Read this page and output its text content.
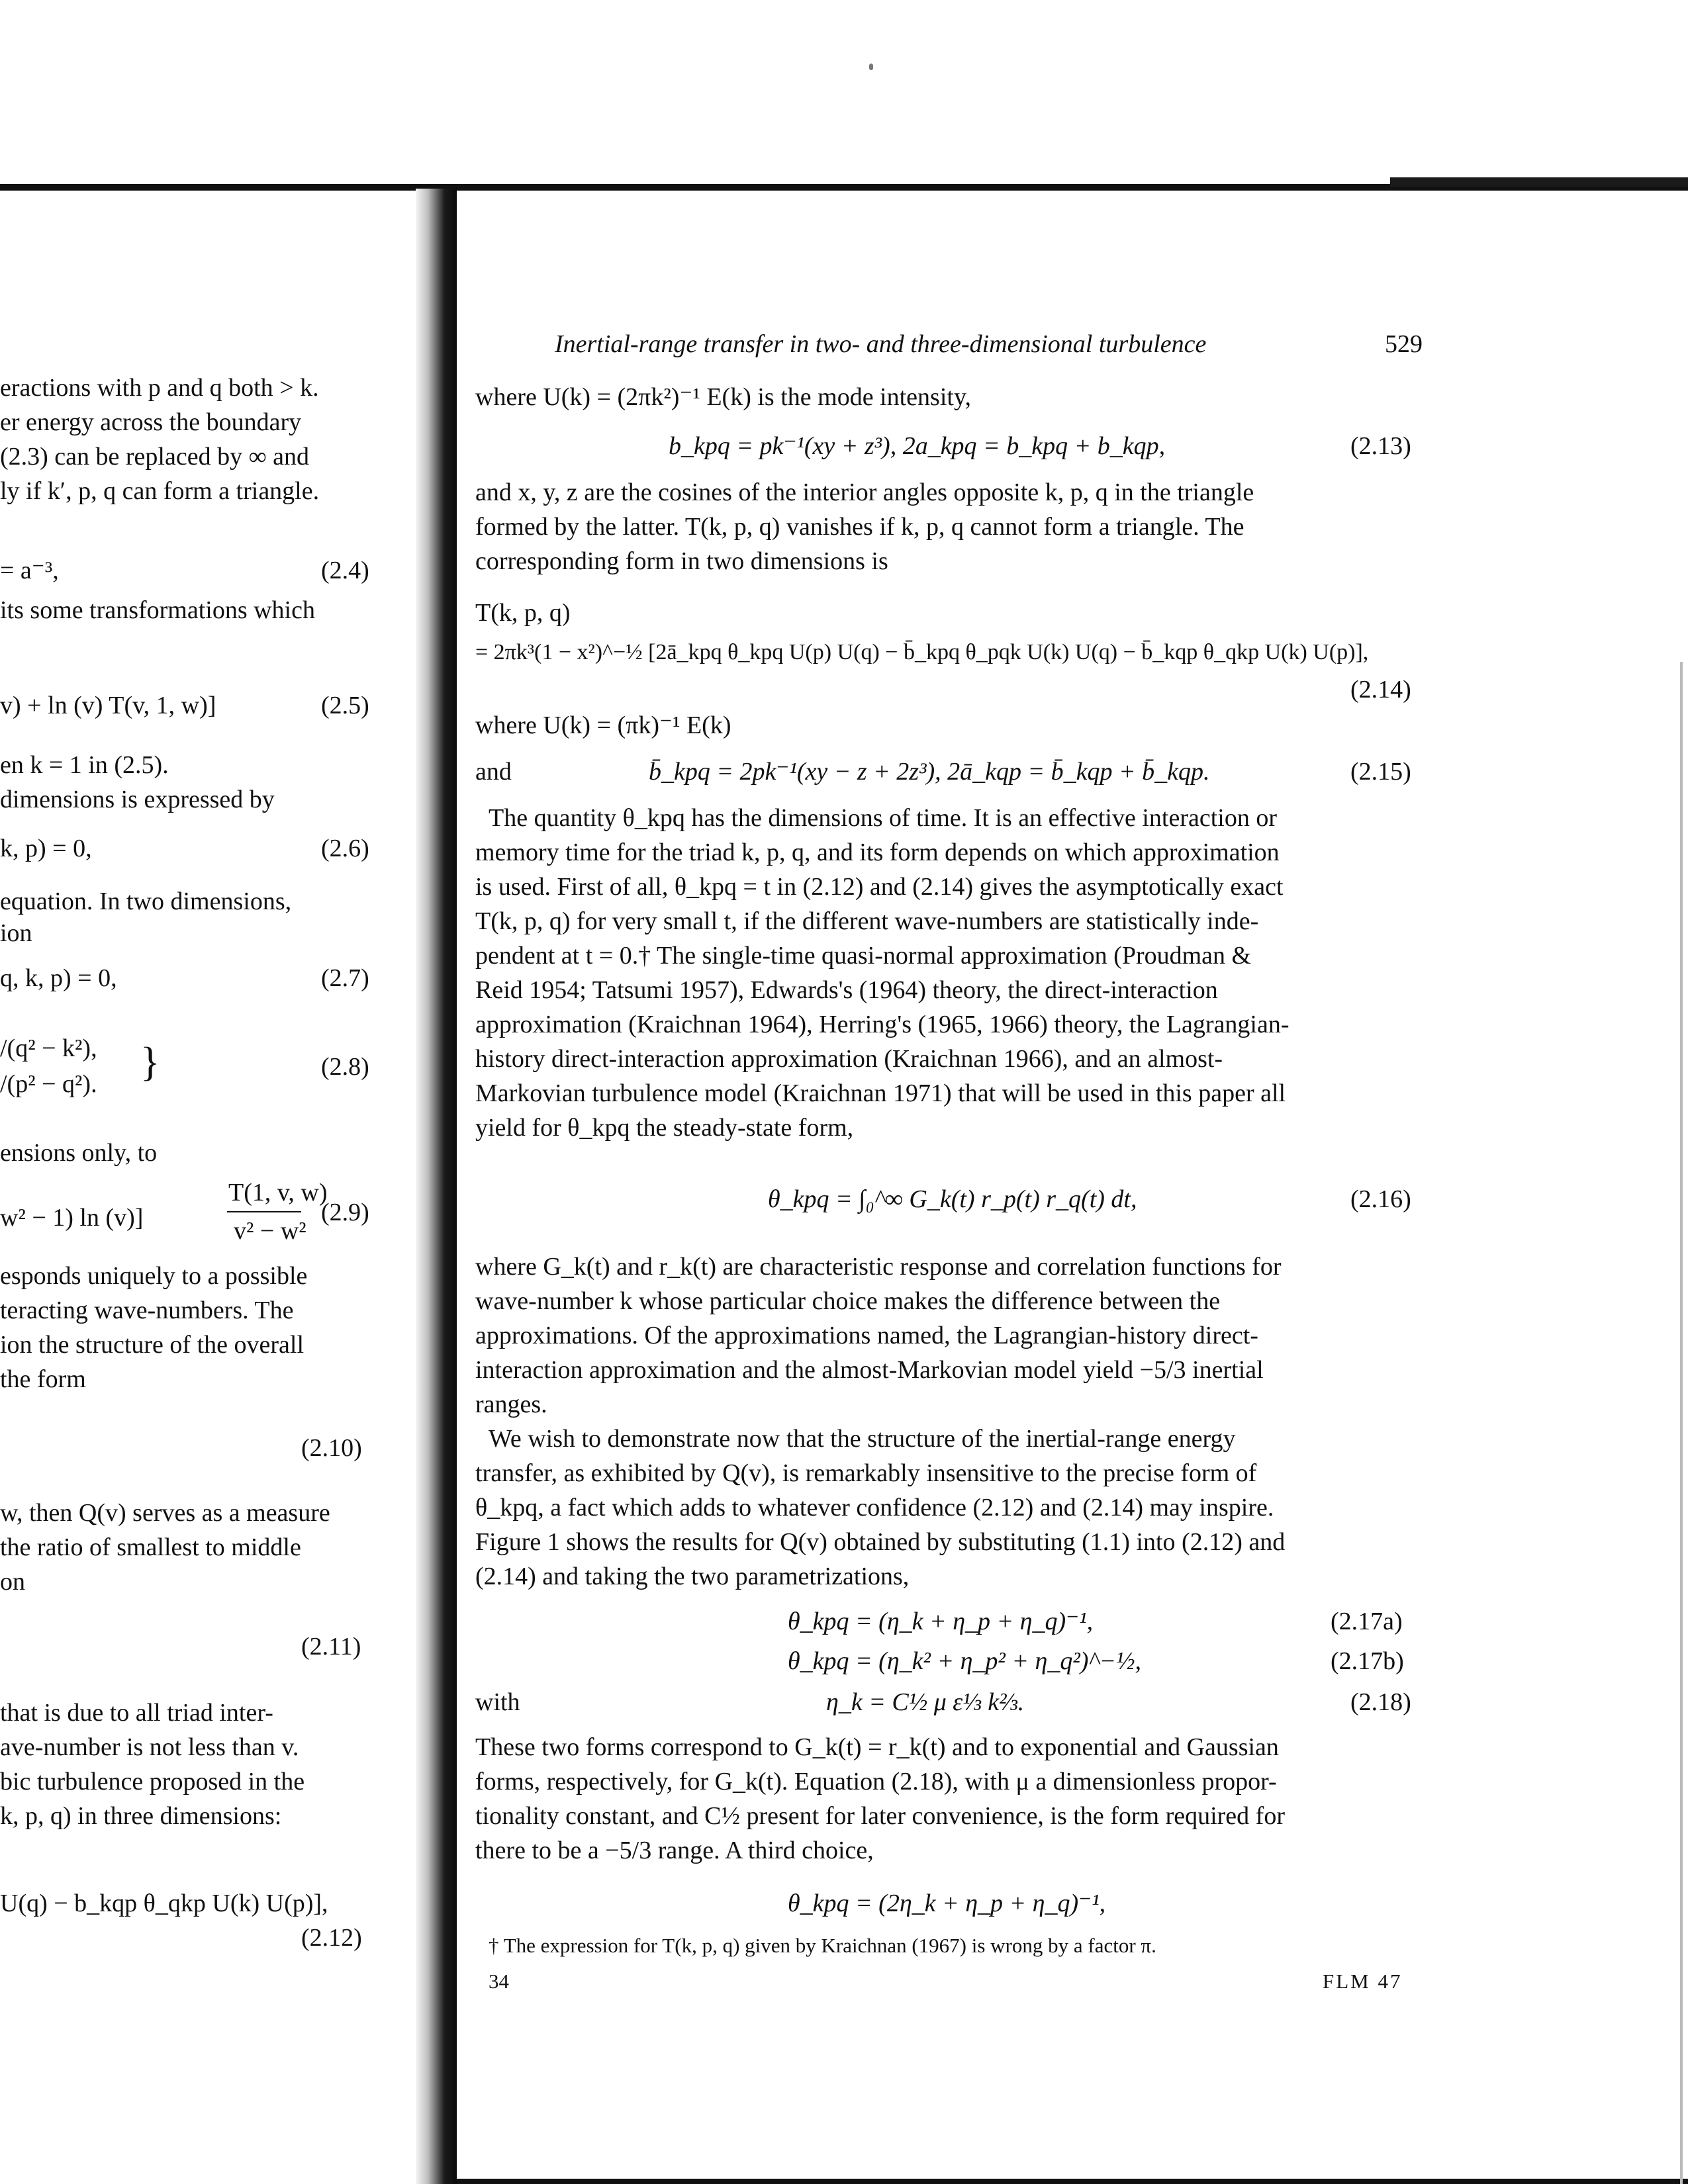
eractions with p and q both > k.
er energy across the boundary
(2.3) can be replaced by ∞ and
ly if k′, p, q can form a triangle.
= a⁻³,	(2.4)
its some transformations which
v) + ln (v) T(v, 1, w)]	(2.5)
en k = 1 in (2.5).
dimensions is expressed by
k, p) = 0,	(2.6)
equation. In two dimensions,
ion
q, k, p) = 0,	(2.7)
/(q² − k²),
/(p² − q²). }	(2.8)
ensions only, to
w² − 1) ln (v)]
T(1, v, w)
v² − w²
(2.9)
esponds uniquely to a possible
teracting wave-numbers. The
ion the structure of the overall
the form
(2.10)
w, then Q(v) serves as a measure
the ratio of smallest to middle
on
(2.11)
that is due to all triad inter-
ave-number is not less than v.
bic turbulence proposed in the
k, p, q) in three dimensions:
U(q) − b_kqp θ_qkp U(k) U(p)],
(2.12)
Inertial-range transfer in two- and three-dimensional turbulence	529
where U(k) = (2πk²)⁻¹ E(k) is the mode intensity,
b_kpq = pk⁻¹(xy + z³), 2a_kpq = b_kpq + b_kqp,	(2.13)
and x, y, z are the cosines of the interior angles opposite k, p, q in the triangle
formed by the latter. T(k, p, q) vanishes if k, p, q cannot form a triangle. The
corresponding form in two dimensions is
T(k, p, q)
= 2πk³(1 − x²)^−½ [2ā_kpq θ_kpq U(p) U(q) − b̄_kpq θ_pqk U(k) U(q) − b̄_kqp θ_qkp U(k) U(p)],
(2.14)
where U(k) = (πk)⁻¹ E(k)
and	b̄_kpq = 2pk⁻¹(xy − z + 2z³), 2ā_kqp = b̄_kqp + b̄_kqp.	(2.15)
The quantity θ_kpq has the dimensions of time. It is an effective interaction or
memory time for the triad k, p, q, and its form depends on which approximation
is used. First of all, θ_kpq = t in (2.12) and (2.14) gives the asymptotically exact
T(k, p, q) for very small t, if the different wave-numbers are statistically inde-
pendent at t = 0.† The single-time quasi-normal approximation (Proudman &
Reid 1954; Tatsumi 1957), Edwards's (1964) theory, the direct-interaction
approximation (Kraichnan 1964), Herring's (1965, 1966) theory, the Lagrangian-
history direct-interaction approximation (Kraichnan 1966), and an almost-
Markovian turbulence model (Kraichnan 1971) that will be used in this paper all
yield for θ_kpq the steady-state form,
θ_kpq = ∫₀^∞ G_k(t) r_p(t) r_q(t) dt,	(2.16)
where G_k(t) and r_k(t) are characteristic response and correlation functions for
wave-number k whose particular choice makes the difference between the
approximations. Of the approximations named, the Lagrangian-history direct-
interaction approximation and the almost-Markovian model yield −5/3 inertial
ranges.
We wish to demonstrate now that the structure of the inertial-range energy
transfer, as exhibited by Q(v), is remarkably insensitive to the precise form of
θ_kpq, a fact which adds to whatever confidence (2.12) and (2.14) may inspire.
Figure 1 shows the results for Q(v) obtained by substituting (1.1) into (2.12) and
(2.14) and taking the two parametrizations,
θ_kpq = (η_k + η_p + η_q)⁻¹,	(2.17a)
θ_kpq = (η_k² + η_p² + η_q²)^−½,	(2.17b)
with	η_k = C½ μ ε⅓ k⅔.	(2.18)
These two forms correspond to G_k(t) = r_k(t) and to exponential and Gaussian
forms, respectively, for G_k(t). Equation (2.18), with μ a dimensionless propor-
tionality constant, and C½ present for later convenience, is the form required for
there to be a −5/3 range. A third choice,
θ_kpq = (2η_k + η_p + η_q)⁻¹,
† The expression for T(k, p, q) given by Kraichnan (1967) is wrong by a factor π.
34	FLM 47
